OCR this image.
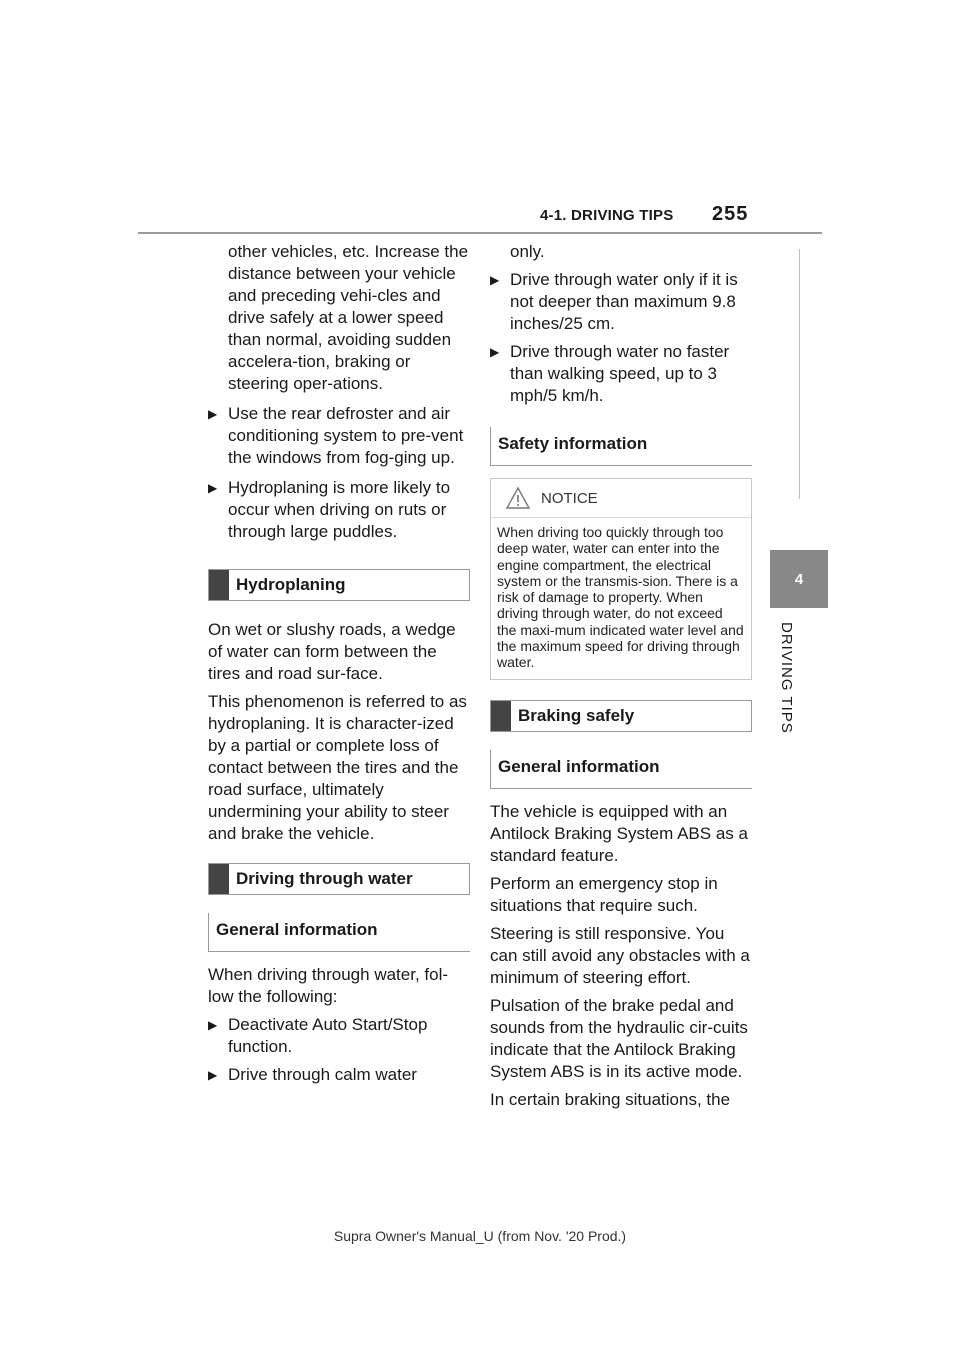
4-1. DRIVING TIPS 255
4
DRIVING TIPS

other vehicles, etc. Increase the distance between your vehicle and preceding vehi-cles and drive safely at a lower speed than normal, avoiding sudden accelera-tion, braking or steering oper-ations.

▶ Use the rear defroster and air conditioning system to pre-vent the windows from fog-ging up.

▶ Hydroplaning is more likely to occur when driving on ruts or through large puddles.

Hydroplaning

On wet or slushy roads, a wedge of water can form between the tires and road sur-face.

This phenomenon is referred to as hydroplaning. It is character-ized by a partial or complete loss of contact between the tires and the road surface, ultimately undermining your ability to steer and brake the vehicle.

Driving through water
General information

When driving through water, fol-low the following:

▶ Deactivate Auto Start/Stop function.

▶ Drive through calm water

only.

▶ Drive through water only if it is not deeper than maximum 9.8 inches/25 cm.

▶ Drive through water no faster than walking speed, up to 3 mph/5 km/h.

Safety information
NOTICE
When driving too quickly through too deep water, water can enter into the engine compartment, the electrical system or the transmis-sion. There is a risk of damage to property. When driving through water, do not exceed the maxi-mum indicated water level and the maximum speed for driving through water.
Braking safely
General information

The vehicle is equipped with an Antilock Braking System ABS as a standard feature.

Perform an emergency stop in situations that require such.

Steering is still responsive. You can still avoid any obstacles with a minimum of steering effort.

Pulsation of the brake pedal and sounds from the hydraulic cir-cuits indicate that the Antilock Braking System ABS is in its active mode.

In certain braking situations, the

Supra Owner's Manual_U (from Nov. '20 Prod.)
